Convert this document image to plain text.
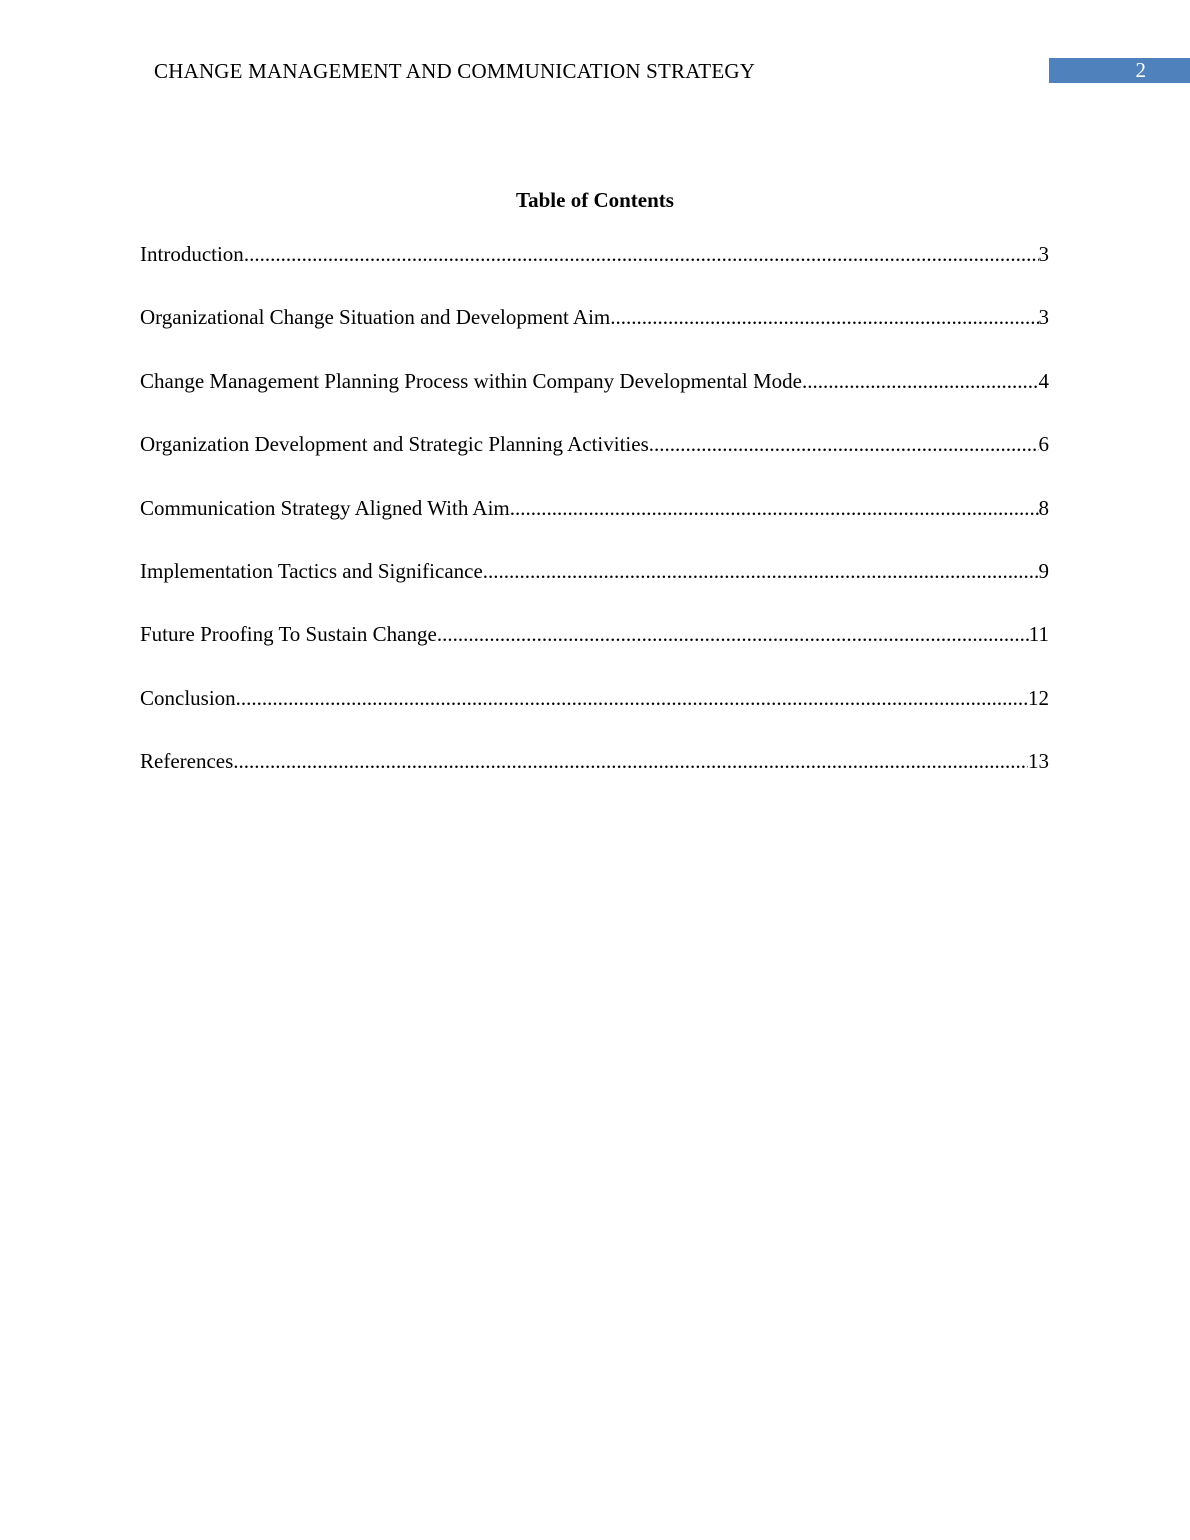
CHANGE MANAGEMENT AND COMMUNICATION STRATEGY	2
Table of Contents
Introduction .....	3
Organizational Change Situation and Development Aim .....	3
Change Management Planning Process within Company Developmental Mode .....	4
Organization Development and Strategic Planning Activities .....	6
Communication Strategy Aligned With Aim .....	8
Implementation Tactics and Significance .....	9
Future Proofing To Sustain Change .....	11
Conclusion .....	12
References .....	13
